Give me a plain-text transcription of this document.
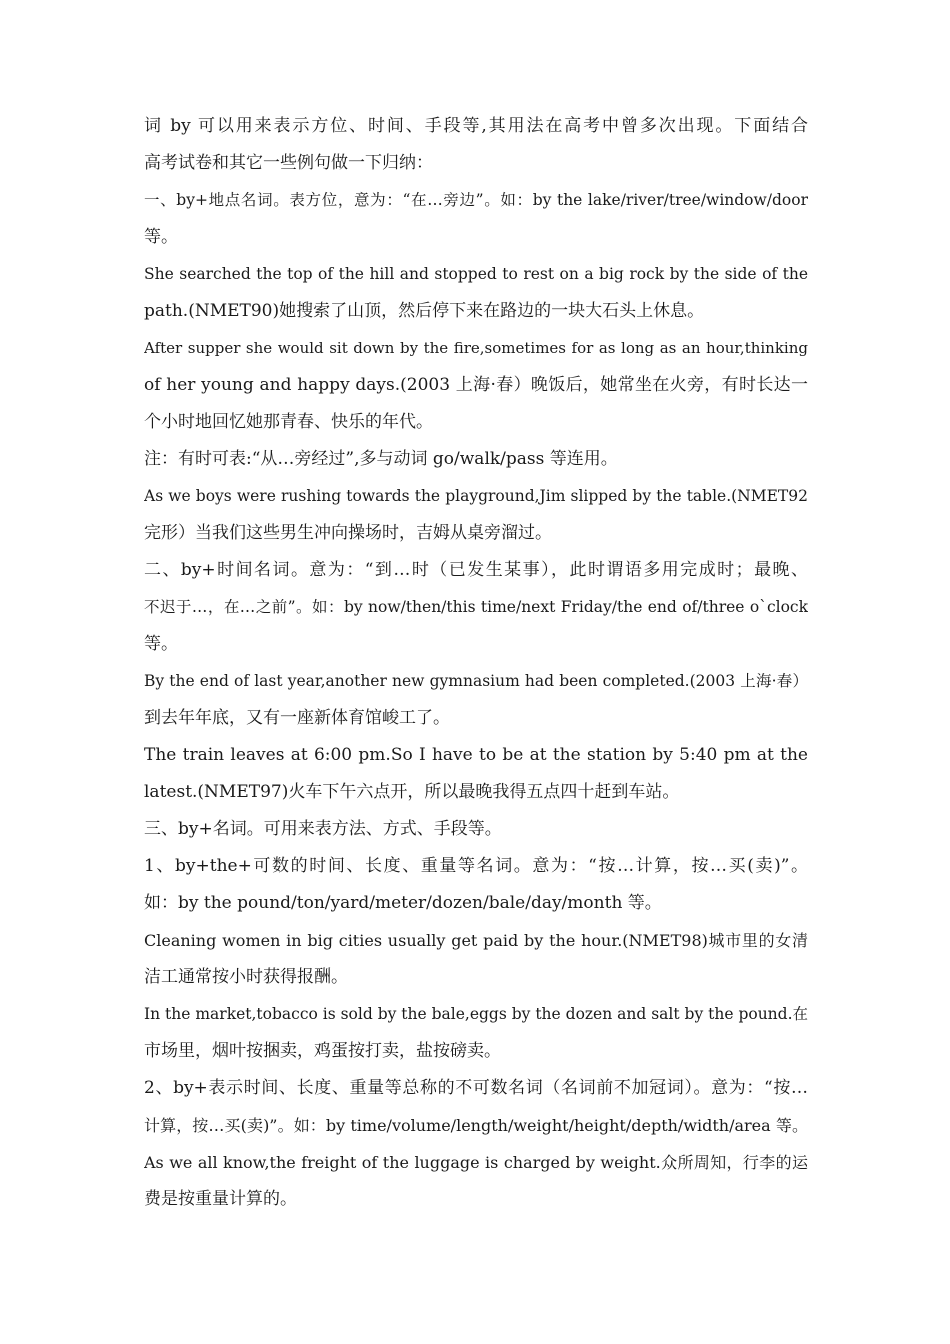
词 by 可以用来表示方位、时间、手段等,其用法在高考中曾多次出现。下面结合
高考试卷和其它一些例句做一下归纳：
一、by+地点名词。表方位，意为：“在…旁边”。如：by the lake/river/tree/window/door
等。
She searched the top of the hill and stopped to rest on a big rock by the side of the
path.(NMET90)她搜索了山顶，然后停下来在路边的一块大石头上休息。
After supper she would sit down by the fire,sometimes for as long as an hour,thinking
of her young and happy days.(2003 上海·春）晚饭后，她常坐在火旁，有时长达一
个小时地回忆她那青春、快乐的年代。
注：有时可表:“从…旁经过”,多与动词 go/walk/pass 等连用。
As we boys were rushing towards the playground,Jim slipped by the table.(NMET92
完形）当我们这些男生冲向操场时，吉姆从桌旁溜过。
二、by+时间名词。意为：“到…时（已发生某事），此时谓语多用完成时；最晚、
不迟于…，在…之前”。如：by now/then/this time/next Friday/the end of/three o`clock
等。
By the end of last year,another new gymnasium had been completed.(2003 上海·春）
到去年年底，又有一座新体育馆峻工了。
The train leaves at 6:00 pm.So I have to be at the station by 5:40 pm at the
latest.(NMET97)火车下午六点开，所以最晚我得五点四十赶到车站。
三、by+名词。可用来表方法、方式、手段等。
1、by+the+可数的时间、长度、重量等名词。意为：“按…计算，按…买(卖)”。
如：by the pound/ton/yard/meter/dozen/bale/day/month 等。
Cleaning women in big cities usually get paid by the hour.(NMET98)城市里的女清
洁工通常按小时获得报酬。
In the market,tobacco is sold by the bale,eggs by the dozen and salt by the pound.在
市场里，烟叶按捆卖，鸡蛋按打卖，盐按磅卖。
2、by+表示时间、长度、重量等总称的不可数名词（名词前不加冠词）。意为：“按…
计算，按…买(卖)”。如：by time/volume/length/weight/height/depth/width/area 等。
As we all know,the freight of the luggage is charged by weight.众所周知，行李的运
费是按重量计算的。
